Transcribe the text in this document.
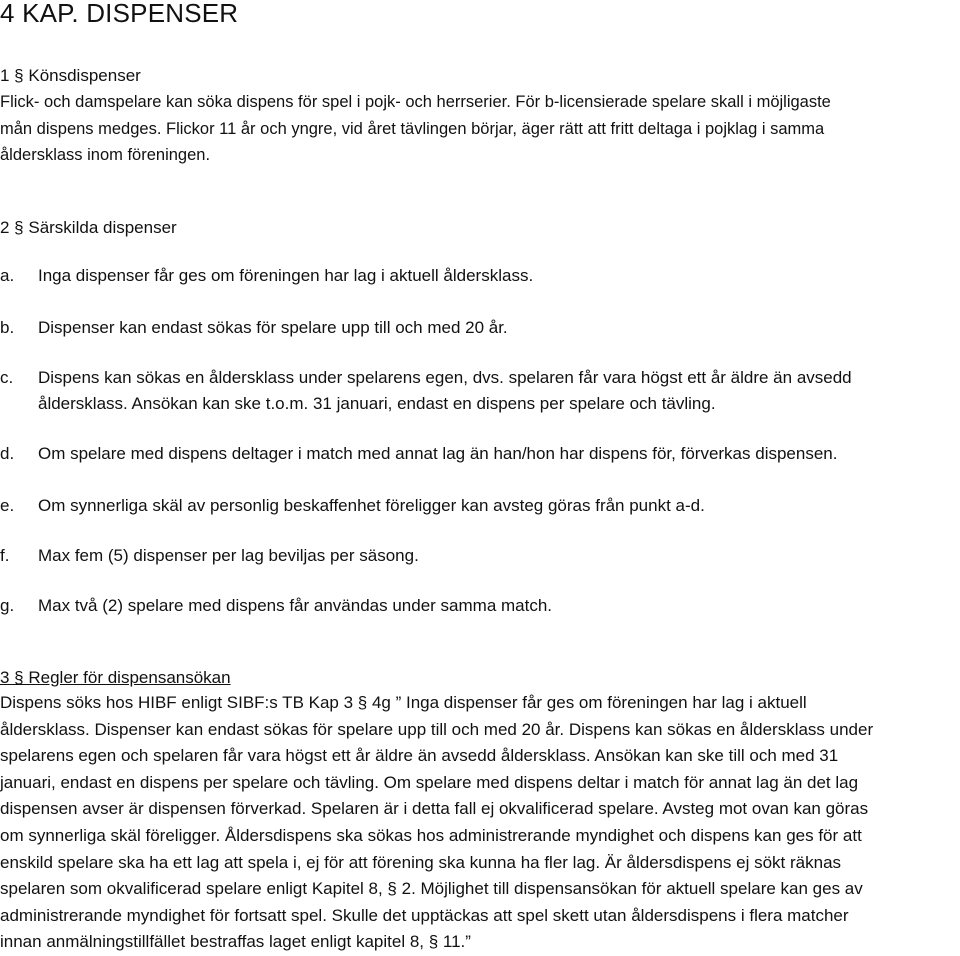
4 KAP. DISPENSER
1 § Könsdispenser
Flick- och damspelare kan söka dispens för spel i pojk- och herrserier. För b-licensierade spelare skall i möjligaste
mån dispens medges. Flickor 11 år och yngre, vid året tävlingen börjar, äger rätt att fritt deltaga i pojklag i samma
åldersklass inom föreningen.
2 § Särskilda dispenser
a. Inga dispenser får ges om föreningen har lag i aktuell åldersklass.
b. Dispenser kan endast sökas för spelare upp till och med 20 år.
c. Dispens kan sökas en åldersklass under spelarens egen, dvs. spelaren får vara högst ett år äldre än avsedd
åldersklass. Ansökan kan ske t.o.m. 31 januari, endast en dispens per spelare och tävling.
d. Om spelare med dispens deltager i match med annat lag än han/hon har dispens för, förverkas dispensen.
e. Om synnerliga skäl av personlig beskaffenhet föreligger kan avsteg göras från punkt a-d.
f. Max fem (5) dispenser per lag beviljas per säsong.
g. Max två (2) spelare med dispens får användas under samma match.
3 § Regler för dispensansökan
Dispens söks hos HIBF enligt SIBF:s TB Kap 3 § 4g ” Inga dispenser får ges om föreningen har lag i aktuell
åldersklass. Dispenser kan endast sökas för spelare upp till och med 20 år. Dispens kan sökas en åldersklass under
spelarens egen och spelaren får vara högst ett år äldre än avsedd åldersklass. Ansökan kan ske till och med 31
januari, endast en dispens per spelare och tävling. Om spelare med dispens deltar i match för annat lag än det lag
dispensen avser är dispensen förverkad. Spelaren är i detta fall ej okvalificerad spelare. Avsteg mot ovan kan göras
om synnerliga skäl föreligger. Åldersdispens ska sökas hos administrerande myndighet och dispens kan ges för att
enskild spelare ska ha ett lag att spela i, ej för att förening ska kunna ha fler lag. Är åldersdispens ej sökt räknas
spelaren som okvalificerad spelare enligt Kapitel 8, § 2. Möjlighet till dispensansökan för aktuell spelare kan ges av
administrerande myndighet för fortsatt spel. Skulle det upptäckas att spel skett utan åldersdispens i flera matcher
innan anmälningstillfället bestraffas laget enligt kapitel 8, § 11.”
